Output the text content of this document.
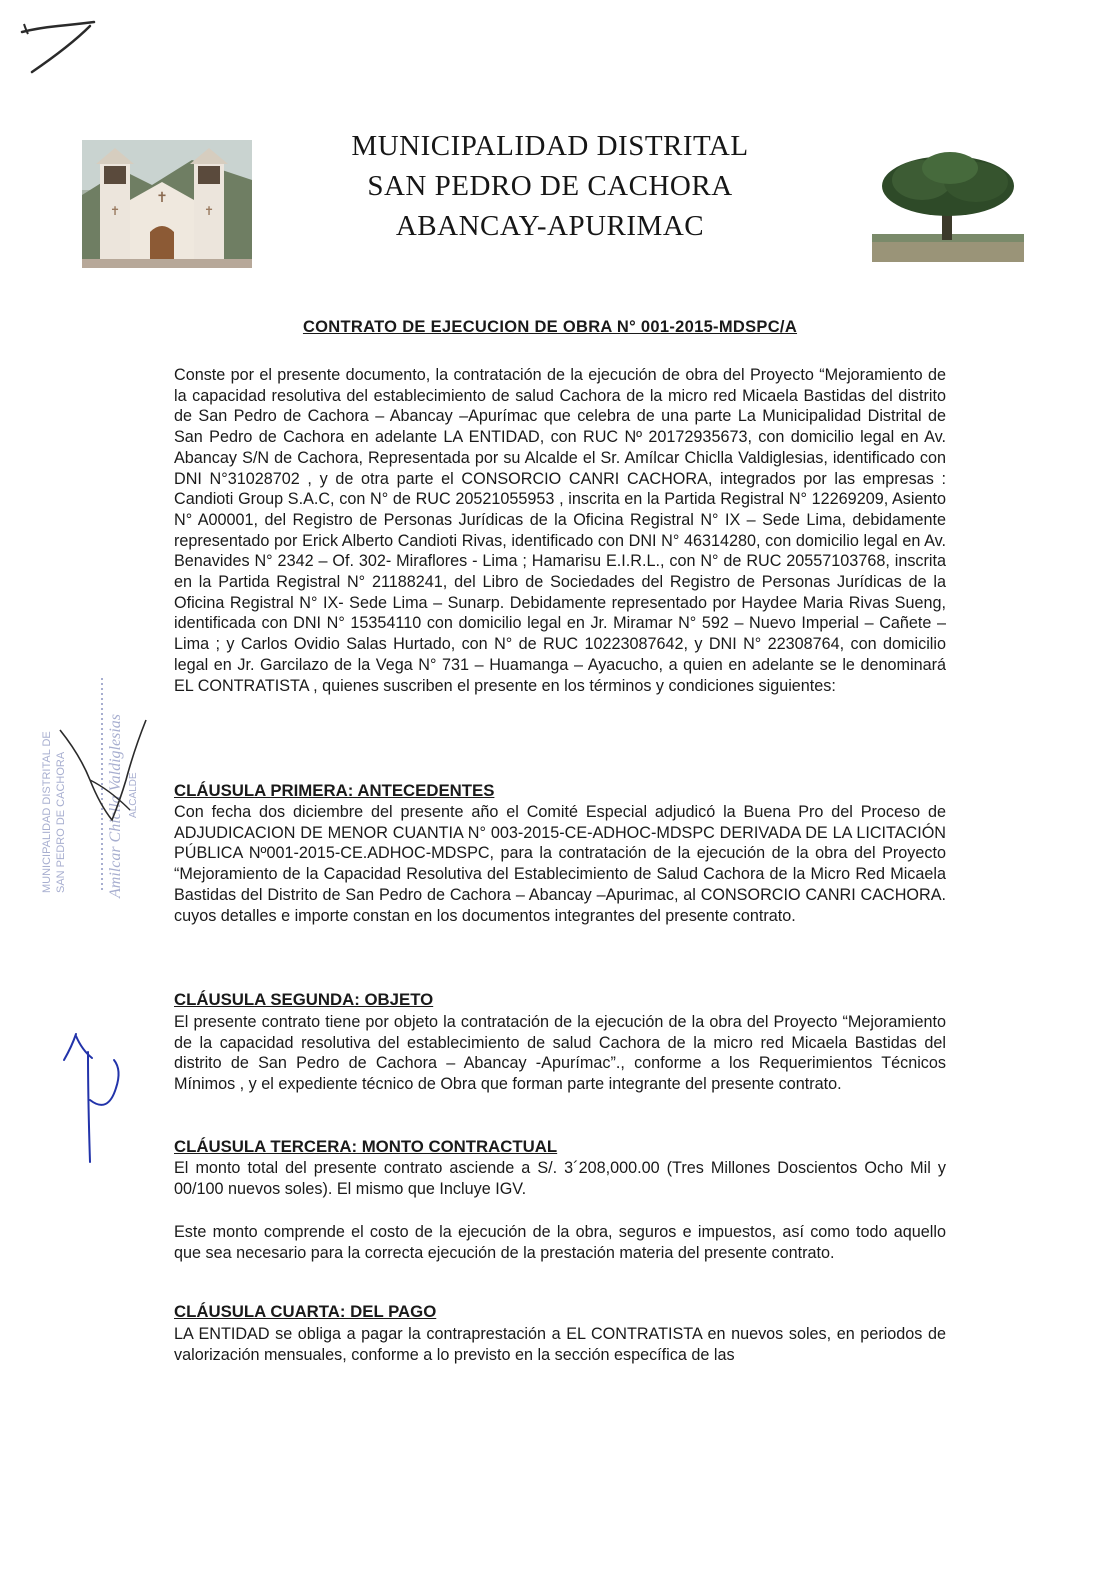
✝
✝	✝
MUNICIPALIDAD DISTRITAL
SAN PEDRO DE CACHORA
ABANCAY-APURIMAC
CONTRATO DE EJECUCION DE OBRA N° 001-2015-MDSPC/A
Conste por el presente documento, la contratación de la ejecución de obra del Proyecto “Mejoramiento de la capacidad resolutiva del establecimiento de salud Cachora de la micro red Micaela Bastidas del distrito de San Pedro de Cachora – Abancay –Apurímac que celebra de una parte La Municipalidad Distrital de San Pedro de Cachora en adelante LA ENTIDAD, con RUC Nº 20172935673, con domicilio legal en Av. Abancay S/N de Cachora, Representada por su Alcalde el Sr. Amílcar Chiclla Valdiglesias, identificado con DNI N°31028702 , y de otra parte el CONSORCIO CANRI CACHORA, integrados por las empresas : Candioti Group S.A.C, con N° de RUC 20521055953 , inscrita en la Partida Registral N° 12269209, Asiento N° A00001, del Registro de Personas Jurídicas de la Oficina Registral N° IX – Sede Lima, debidamente representado por Erick Alberto Candioti Rivas, identificado con DNI N° 46314280, con domicilio legal en Av. Benavides N° 2342 – Of. 302- Miraflores - Lima ; Hamarisu E.I.R.L., con N° de RUC 20557103768, inscrita en la Partida Registral N° 21188241, del Libro de Sociedades del Registro de Personas Jurídicas de la Oficina Registral N° IX- Sede Lima – Sunarp. Debidamente representado por Haydee Maria Rivas Sueng, identificada con DNI N° 15354110 con domicilio legal en Jr. Miramar N° 592 – Nuevo Imperial – Cañete – Lima ; y Carlos Ovidio Salas Hurtado, con N° de RUC 10223087642, y DNI N° 22308764, con domicilio legal en Jr. Garcilazo de la Vega N° 731 – Huamanga – Ayacucho, a quien en adelante se le denominará EL CONTRATISTA , quienes suscriben el presente en los términos y condiciones siguientes:
CLÁUSULA PRIMERA: ANTECEDENTES
Con fecha dos diciembre del presente año el Comité Especial adjudicó la Buena Pro del Proceso de ADJUDICACION DE MENOR CUANTIA N° 003-2015-CE-ADHOC-MDSPC DERIVADA DE LA LICITACIÓN PÚBLICA Nº001-2015-CE.ADHOC-MDSPC, para la contratación de la ejecución de la obra del Proyecto “Mejoramiento de la Capacidad Resolutiva del Establecimiento de Salud Cachora de la Micro Red Micaela Bastidas del Distrito de San Pedro de Cachora – Abancay –Apurimac, al CONSORCIO CANRI CACHORA. cuyos detalles e importe constan en los documentos integrantes del presente contrato.
CLÁUSULA SEGUNDA: OBJETO
El presente contrato tiene por objeto la contratación de la ejecución de la obra del Proyecto “Mejoramiento de la capacidad resolutiva del establecimiento de salud Cachora de la micro red Micaela Bastidas del distrito de San Pedro de Cachora – Abancay -Apurímac”., conforme a los Requerimientos Técnicos Mínimos , y el expediente técnico de Obra que forman parte integrante del presente contrato.
CLÁUSULA TERCERA: MONTO CONTRACTUAL
El monto total del presente contrato asciende a S/. 3´208,000.00 (Tres Millones Doscientos Ocho Mil y 00/100 nuevos soles). El mismo que Incluye IGV.
Este monto comprende el costo de la ejecución de la obra, seguros e impuestos, así como todo aquello que sea necesario para la correcta ejecución de la prestación materia del presente contrato.
CLÁUSULA CUARTA: DEL PAGO
LA ENTIDAD se obliga a pagar la contraprestación a EL CONTRATISTA en nuevos soles, en periodos de valorización mensuales, conforme a lo previsto en la sección específica de las
MUNICIPALIDAD DISTRITAL DE SAN PEDRO DE CACHORA	Amilcar Chiclla Valdiglesias ALCALDE
